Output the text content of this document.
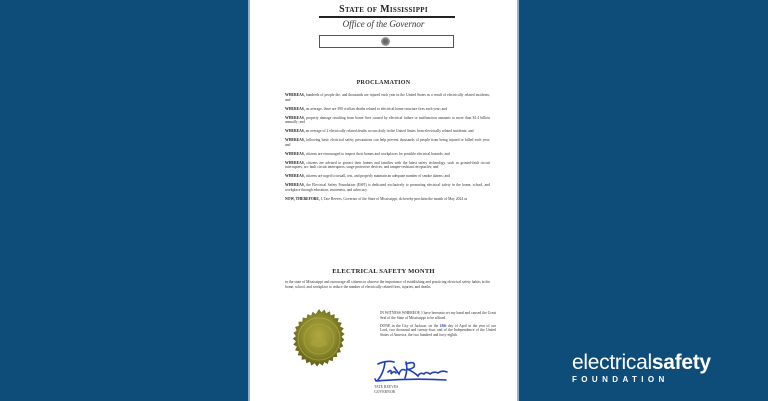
State of Mississippi
Office of the Governor
PROCLAMATION

WHEREAS, hundreds of people die, and thousands are injured each year in the United States as a result of electrically related incidents; and

WHEREAS, on average, there are 390 civilian deaths related to electrical home structure fires each year; and

WHEREAS, property damage resulting from home fires caused by electrical failure or malfunction amounts to more than $1.4 billion annually; and

WHEREAS, an average of 2 electrically related deaths occurs daily in the United States from electrically related incidents; and

WHEREAS, following basic electrical safety precautions can help prevent thousands of people from being injured or killed each year; and

WHEREAS, citizens are encouraged to inspect their homes and workplaces for possible electrical hazards; and

WHEREAS, citizens are advised to protect their homes and families with the latest safety technology, such as ground-fault circuit interrupters, arc-fault circuit interrupters, surge protective devices, and tamper-resistant receptacles; and

WHEREAS, citizens are urged to install, test, and properly maintain an adequate number of smoke alarms; and

WHEREAS, the Electrical Safety Foundation (ESFI) is dedicated exclusively to promoting electrical safety in the home, school, and workplace through education, awareness, and advocacy.

NOW, THEREFORE, I, Tate Reeves, Governor of the State of Mississippi, do hereby proclaim the month of May 2024 as

ELECTRICAL SAFETY MONTH
in the state of Mississippi and encourage all citizens to observe the importance of establishing and practicing electrical safety habits in the home, school, and workplace to reduce the number of electrically related fires, injuries, and deaths.

IN WITNESS WHEREOF, I have hereunto set my hand and caused the Great Seal of the State of Mississippi to be affixed.

DONE in the City of Jackson, on the 18th day of April in the year of our Lord, two thousand and twenty-four, and of the Independence of the United States of America, the two hundred and forty-eighth.

TATE REEVES
GOVERNOR
electricalsafety
FOUNDATION
